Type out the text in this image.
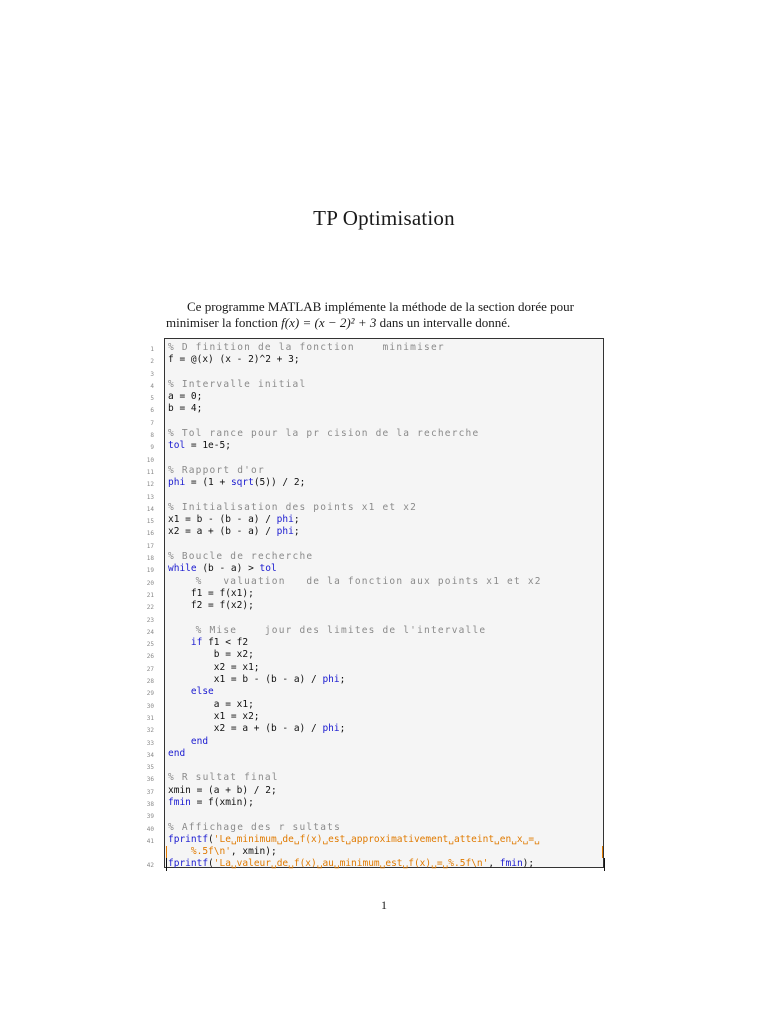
TP Optimisation
Ce programme MATLAB implémente la méthode de la section dorée pour
minimiser la fonction f(x) = (x − 2)² + 3 dans un intervalle donné.
1 % D finition de la fonction    minimiser
2 f = @(x) (x - 2)^2 + 3;
3
4 % Intervalle initial
5 a = 0;
6 b = 4;
7
8 % Tol rance pour la pr cision de la recherche
9 tol = 1e-5;
10
11 % Rapport d'or
12 phi = (1 + sqrt(5)) / 2;
13
14 % Initialisation des points x1 et x2
15 x1 = b - (b - a) / phi;
16 x2 = a + (b - a) / phi;
17
18 % Boucle de recherche
19 while (b - a) > tol
20 %   valuation   de la fonction aux points x1 et x2
21 f1 = f(x1);
22 f2 = f(x2);
23
24 % Mise    jour des limites de l'intervalle
25	if f1 < f2
26 b = x2;
27 x2 = x1;
28 x1 = b - (b - a) / phi;
29	else
30 a = x1;
31 x1 = x2;
32 x2 = a + (b - a) / phi;
33	end
34 end
35
36 % R sultat final
37 xmin = (a + b) / 2;
38 fmin = f(xmin);
39
40 % Affichage des r sultats
41 fprintf('Le␣minimum␣de␣f(x)␣est␣approximativement␣atteint␣en␣x␣=␣
%.5f\n', xmin);
42 fprintf('La␣valeur␣de␣f(x)␣au␣minimum␣est␣f(x)␣=␣%.5f\n', fmin);
1
